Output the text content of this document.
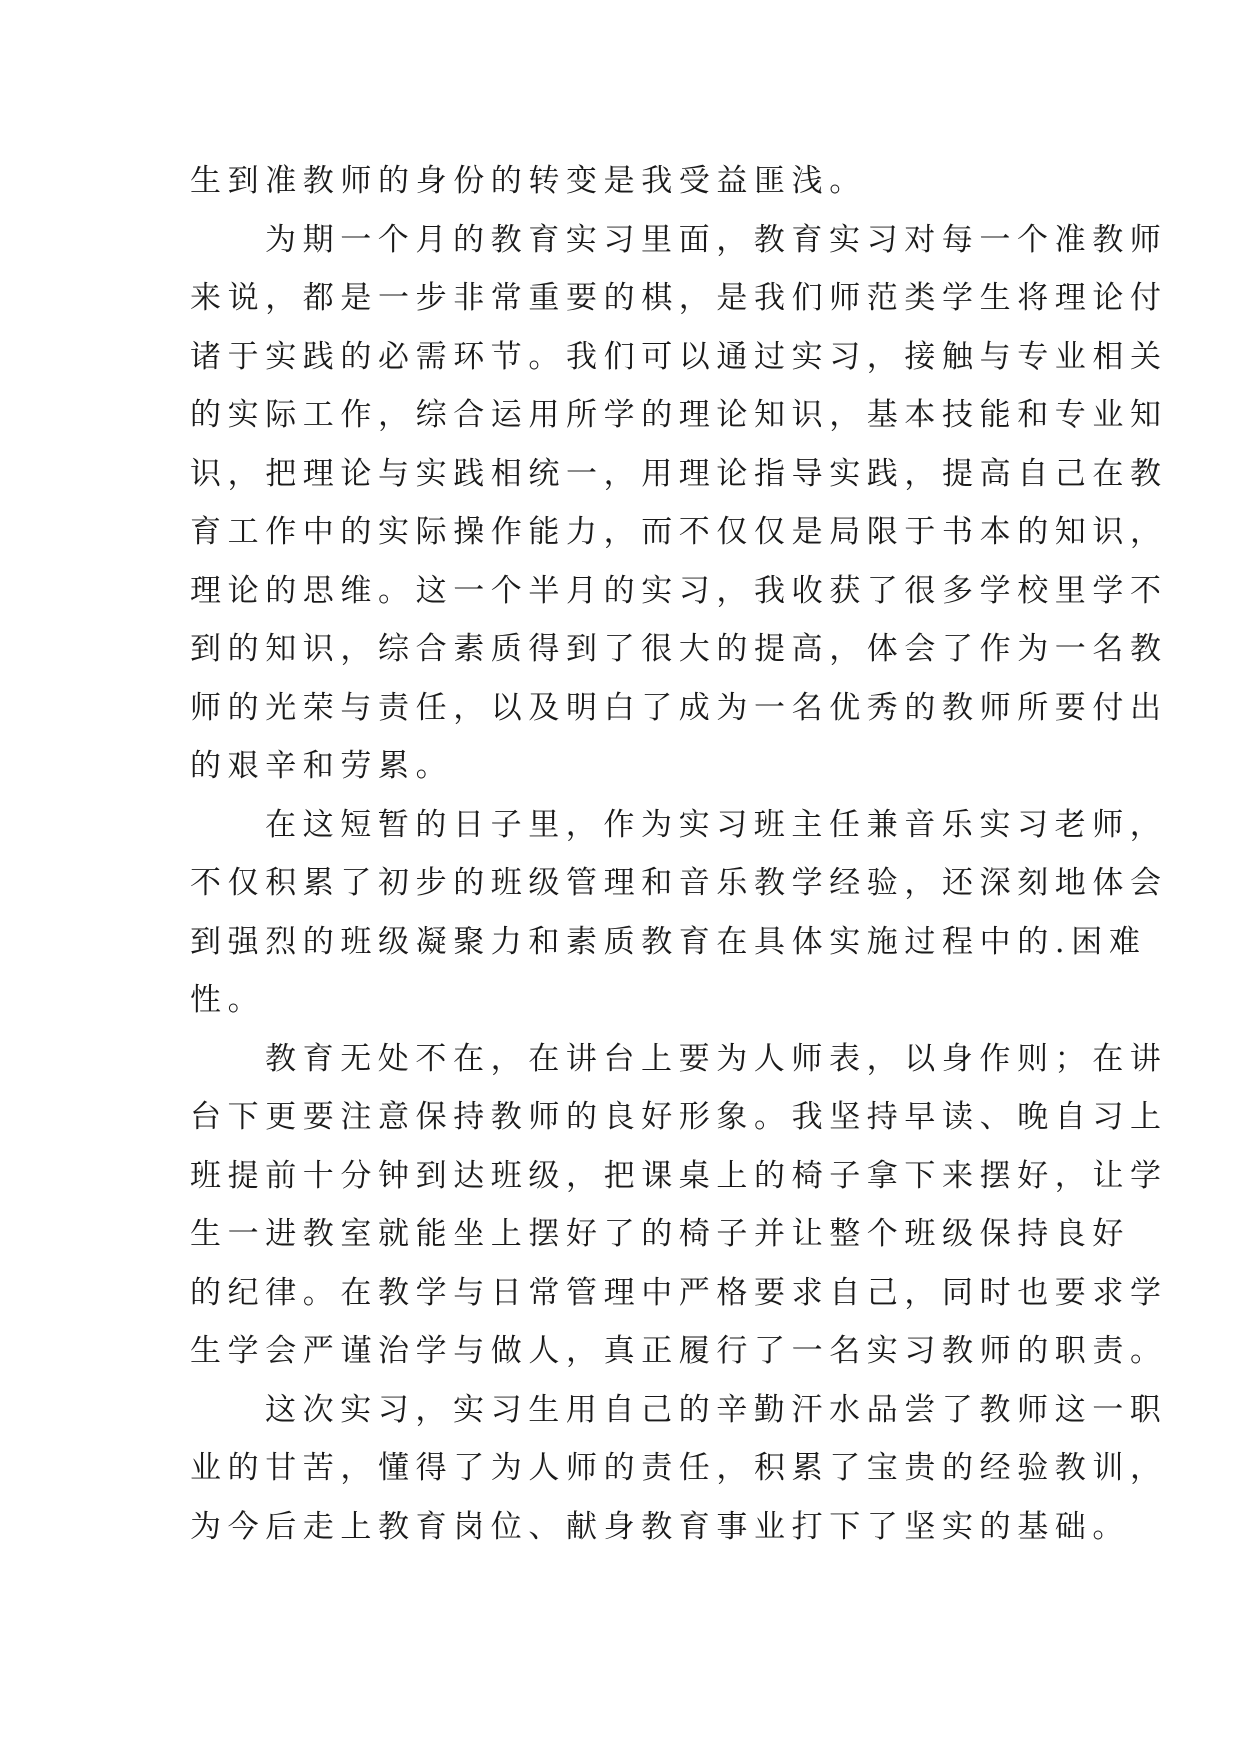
生到准教师的身份的转变是我受益匪浅。
为期一个月的教育实习里面，教育实习对每一个准教师
来说，都是一步非常重要的棋，是我们师范类学生将理论付
诸于实践的必需环节。我们可以通过实习，接触与专业相关
的实际工作，综合运用所学的理论知识，基本技能和专业知
识，把理论与实践相统一，用理论指导实践，提高自己在教
育工作中的实际操作能力，而不仅仅是局限于书本的知识，
理论的思维。这一个半月的实习，我收获了很多学校里学不
到的知识，综合素质得到了很大的提高，体会了作为一名教
师的光荣与责任，以及明白了成为一名优秀的教师所要付出
的艰辛和劳累。
在这短暂的日子里，作为实习班主任兼音乐实习老师，
不仅积累了初步的班级管理和音乐教学经验，还深刻地体会
到强烈的班级凝聚力和素质教育在具体实施过程中的.困难
性。
教育无处不在，在讲台上要为人师表，以身作则；在讲
台下更要注意保持教师的良好形象。我坚持早读、晚自习上
班提前十分钟到达班级，把课桌上的椅子拿下来摆好，让学
生一进教室就能坐上摆好了的椅子并让整个班级保持良好
的纪律。在教学与日常管理中严格要求自己，同时也要求学
生学会严谨治学与做人，真正履行了一名实习教师的职责。
这次实习，实习生用自己的辛勤汗水品尝了教师这一职
业的甘苦，懂得了为人师的责任，积累了宝贵的经验教训，
为今后走上教育岗位、献身教育事业打下了坚实的基础。
